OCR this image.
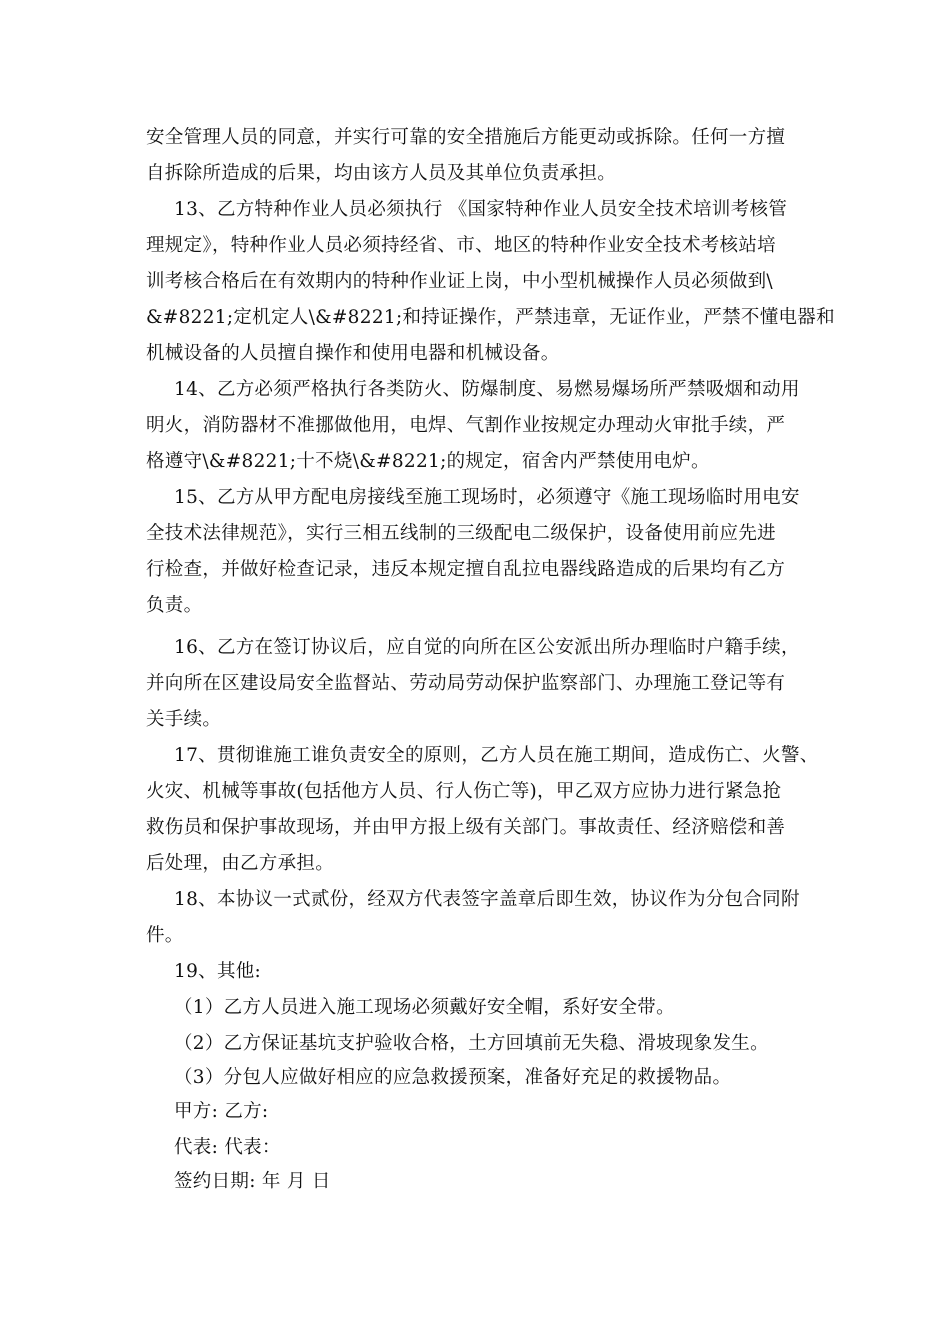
安全管理人员的同意，并实行可靠的安全措施后方能更动或拆除。任何一方擅
自拆除所造成的后果，均由该方人员及其单位负责承担。
13、乙方特种作业人员必须执行 《国家特种作业人员安全技术培训考核管
理规定》，特种作业人员必须持经省、市、地区的特种作业安全技术考核站培
训考核合格后在有效期内的特种作业证上岗，中小型机械操作人员必须做到\
&#8221;定机定人\&#8221;和持证操作，严禁违章，无证作业，严禁不懂电器和
机械设备的人员擅自操作和使用电器和机械设备。
14、乙方必须严格执行各类防火、防爆制度、易燃易爆场所严禁吸烟和动用
明火，消防器材不准挪做他用，电焊、气割作业按规定办理动火审批手续，严
格遵守\&#8221;十不烧\&#8221;的规定，宿舍内严禁使用电炉。
15、乙方从甲方配电房接线至施工现场时，必须遵守《施工现场临时用电安
全技术法律规范》，实行三相五线制的三级配电二级保护，设备使用前应先进
行检查，并做好检查记录，违反本规定擅自乱拉电器线路造成的后果均有乙方
负责。
16、乙方在签订协议后，应自觉的向所在区公安派出所办理临时户籍手续，
并向所在区建设局安全监督站、劳动局劳动保护监察部门、办理施工登记等有
关手续。
17、贯彻谁施工谁负责安全的原则，乙方人员在施工期间，造成伤亡、火警、
火灾、机械等事故(包括他方人员、行人伤亡等)，甲乙双方应协力进行紧急抢
救伤员和保护事故现场，并由甲方报上级有关部门。事故责任、经济赔偿和善
后处理，由乙方承担。
18、本协议一式贰份，经双方代表签字盖章后即生效，协议作为分包合同附
件。
19、其他:
（1）乙方人员进入施工现场必须戴好安全帽，系好安全带。
（2）乙方保证基坑支护验收合格，土方回填前无失稳、滑坡现象发生。
（3）分包人应做好相应的应急救援预案，准备好充足的救援物品。
甲方: 乙方:
代表: 代表：
签约日期: 年 月 日
